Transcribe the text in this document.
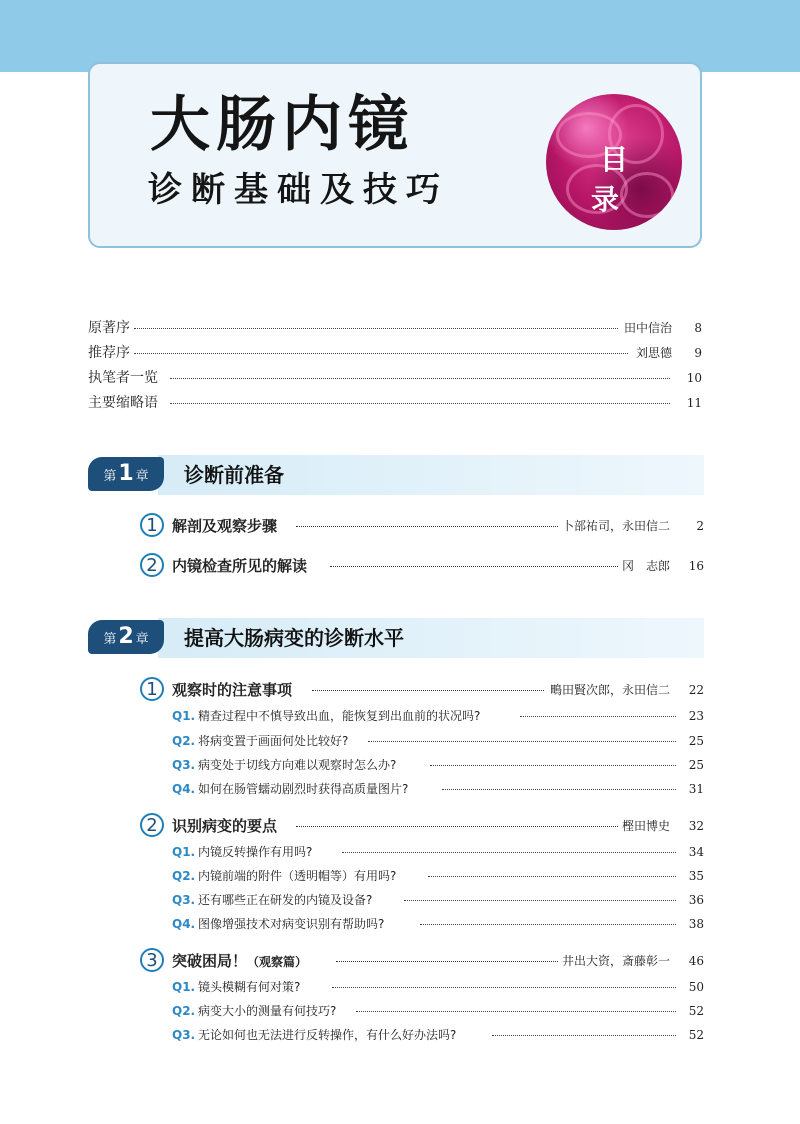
大肠内镜
诊断基础及技巧
目 录
原著序	田中信治	8
推荐序	刘思德	9
执笔者一览	10
主要缩略语	11
第1 章	诊断前准备
1 解剖及观察步骤	卜部祐司，永田信二	2
2 内镜检查所见的解读	冈　志郎	16
第2 章	提高大肠病变的诊断水平
1 观察时的注意事项	鴫田賢次郎，永田信二	22
Q1. 精查过程中不慎导致出血，能恢复到出血前的状况吗?	23
Q2. 将病变置于画面何处比较好?	25
Q3. 病变处于切线方向难以观察时怎么办?	25
Q4. 如何在肠管蠕动剧烈时获得高质量图片?	31
2 识别病变的要点	樫田博史	32
Q1. 内镜反转操作有用吗?	34
Q2. 内镜前端的附件（透明帽等）有用吗?	35
Q3. 还有哪些正在研发的内镜及设备?	36
Q4. 图像增强技术对病变识别有帮助吗?	38
3 突破困局！（观察篇）	井出大资，斎藤彰一	46
Q1. 镜头模糊有何对策?	50
Q2. 病变大小的测量有何技巧?	52
Q3. 无论如何也无法进行反转操作，有什么好办法吗?	52
